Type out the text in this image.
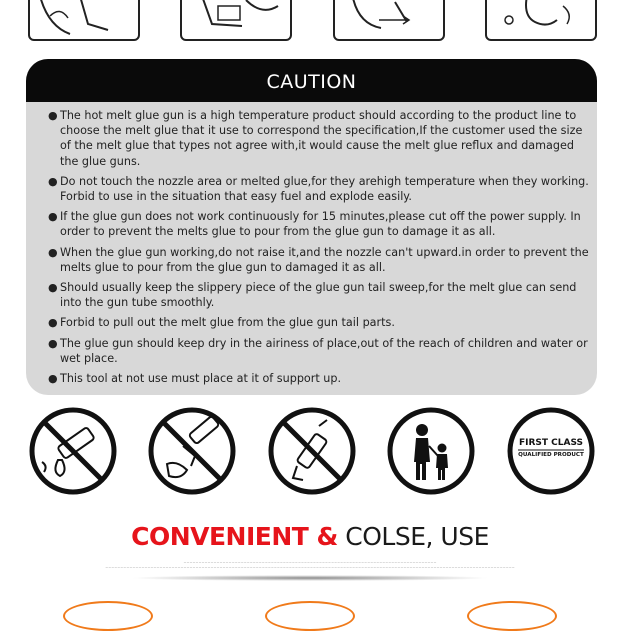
CAUTION
● The hot melt glue gun is a high temperature product should according to the product line to choose the melt glue that it use to correspond the specification,If the customer used the size of the melt glue that types not agree with,it would cause the melt glue reflux and damaged the glue guns.
● Do not touch the nozzle area or melted glue,for they arehigh temperature when they working. Forbid to use in the situation that easy fuel and explode easily.
● If the glue gun does not work continuously for 15 minutes,please cut off the power supply. In order to prevent the melts glue to pour from the glue gun to damage it as all.
● When the glue gun working,do not raise it,and the nozzle can't upward.in order to prevent the melts glue to pour from the glue gun to damaged it as all.
● Should usually keep the slippery piece of the glue gun tail sweep,for the melt glue can send into the gun tube smoothly.
● Forbid to pull out the melt glue from the glue gun tail parts.
● The glue gun should keep dry in the airiness of place,out of the reach of children and water or wet place.
● This tool at not use must place at it of support up.
FIRST CLASS
QUALIFIED PRODUCT
CONVENIENT & COLSE, USE
~~~~~~~~~~~~~~~~~~~~~~~~~~~~~~~~~~~~~~~~~~~~~~~~~~~~~~~~~~~~~~~~~~~~~~~~~~~~~~~~~~~~
~~~~~~~~~~~~~~~~~~~~~~~~~~~~~~~~~~~~~~~~~~~~~~~~~~~~~~~~~~~~~~~~~~~~~~~~~~~~~~~~~~~~~~~~~~~~~~~~~~~~~~~~~~~~~~~~~~~~~~~~~~~~~~~~~~~~~~~~
